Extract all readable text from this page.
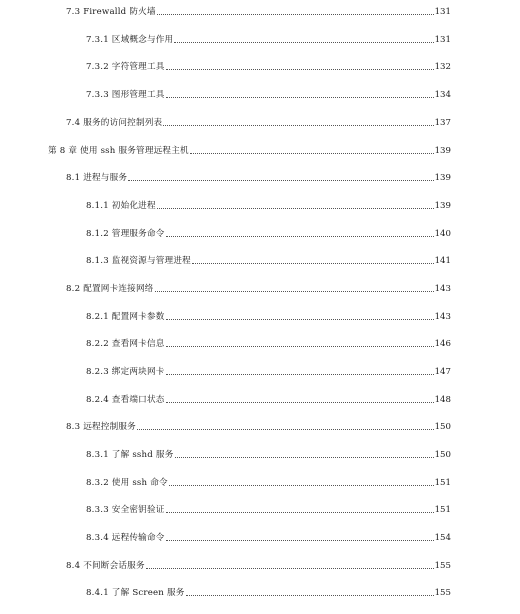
7.3 Firewalld 防火墙	131
7.3.1 区域概念与作用	131
7.3.2 字符管理工具	132
7.3.3 图形管理工具	134
7.4 服务的访问控制列表	137
第 8 章 使用 ssh 服务管理远程主机	139
8.1 进程与服务	139
8.1.1 初始化进程	139
8.1.2 管理服务命令	140
8.1.3 监视资源与管理进程	141
8.2 配置网卡连接网络	143
8.2.1 配置网卡参数	143
8.2.2 查看网卡信息	146
8.2.3 绑定两块网卡	147
8.2.4 查看端口状态	148
8.3 远程控制服务	150
8.3.1 了解 sshd 服务	150
8.3.2 使用 ssh 命令	151
8.3.3 安全密钥验证	151
8.3.4 远程传输命令	154
8.4 不间断会话服务	155
8.4.1 了解 Screen 服务	155
